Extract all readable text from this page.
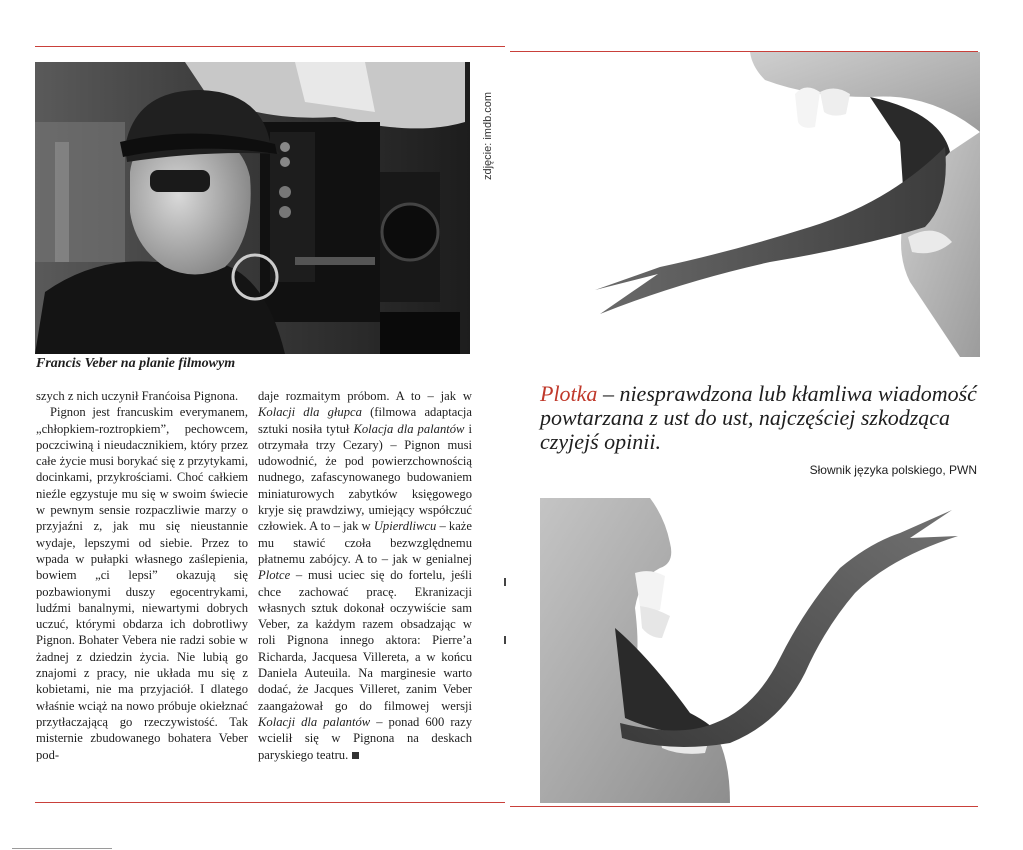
zdjęcie: imdb.com
Francis Veber na planie filmowym

szych z nich uczynił Franćoisa Pignona.

Pignon jest francuskim everymanem, „chłopkiem-roztropkiem”, pechowcem, poczciwiną i nieudacznikiem, który przez całe życie musi borykać się z przytykami, docinkami, przykrościami. Choć całkiem nieźle egzystuje mu się w swoim świecie w pewnym sensie rozpaczliwie marzy o przyjaźni z, jak mu się nieustannie wydaje, lepszymi od siebie. Przez to wpada w pułapki własnego zaślepienia, bowiem „ci lepsi” okazują się pozbawionymi duszy egocentrykami, ludźmi banalnymi, niewartymi dobrych uczuć, którymi obdarza ich dobrotliwy Pignon. Bohater Vebera nie radzi sobie w żadnej z dziedzin życia. Nie lubią go znajomi z pracy, nie układa mu się z kobietami, nie ma przyjaciół. I dlatego właśnie wciąż na nowo próbuje okiełznać przytłaczającą go rzeczywistość. Tak misternie zbudowanego bohatera Veber pod-

daje rozmaitym próbom. A to – jak w Kolacji dla głupca (filmowa adaptacja sztuki nosiła tytuł Kolacja dla palantów i otrzymała trzy Cezary) – Pignon musi udowodnić, że pod powierzchownością nudnego, zafascynowanego budowaniem miniaturowych zabytków księgowego kryje się prawdziwy, umiejący współczuć człowiek. A to – jak w Upierdliwcu – każe mu stawić czoła bezwzględnemu płatnemu zabójcy. A to – jak w genialnej Plotce – musi uciec się do fortelu, jeśli chce zachować pracę. Ekranizacji własnych sztuk dokonał oczywiście sam Veber, za każdym razem obsadzając w roli Pignona innego aktora: Pierre’a Richarda, Jacquesa Villereta, a w końcu Daniela Auteuila. Na marginesie warto dodać, że Jacques Villeret, zanim Veber zaangażował go do filmowej wersji Kolacji dla palantów – ponad 600 razy wcielił się w Pignona na deskach paryskiego teatru.

Plotka – niesprawdzona lub kłamliwa wiadomość powtarzana z ust do ust, najczęściej szkodząca czyjejś opinii.
Słownik języka polskiego, PWN
